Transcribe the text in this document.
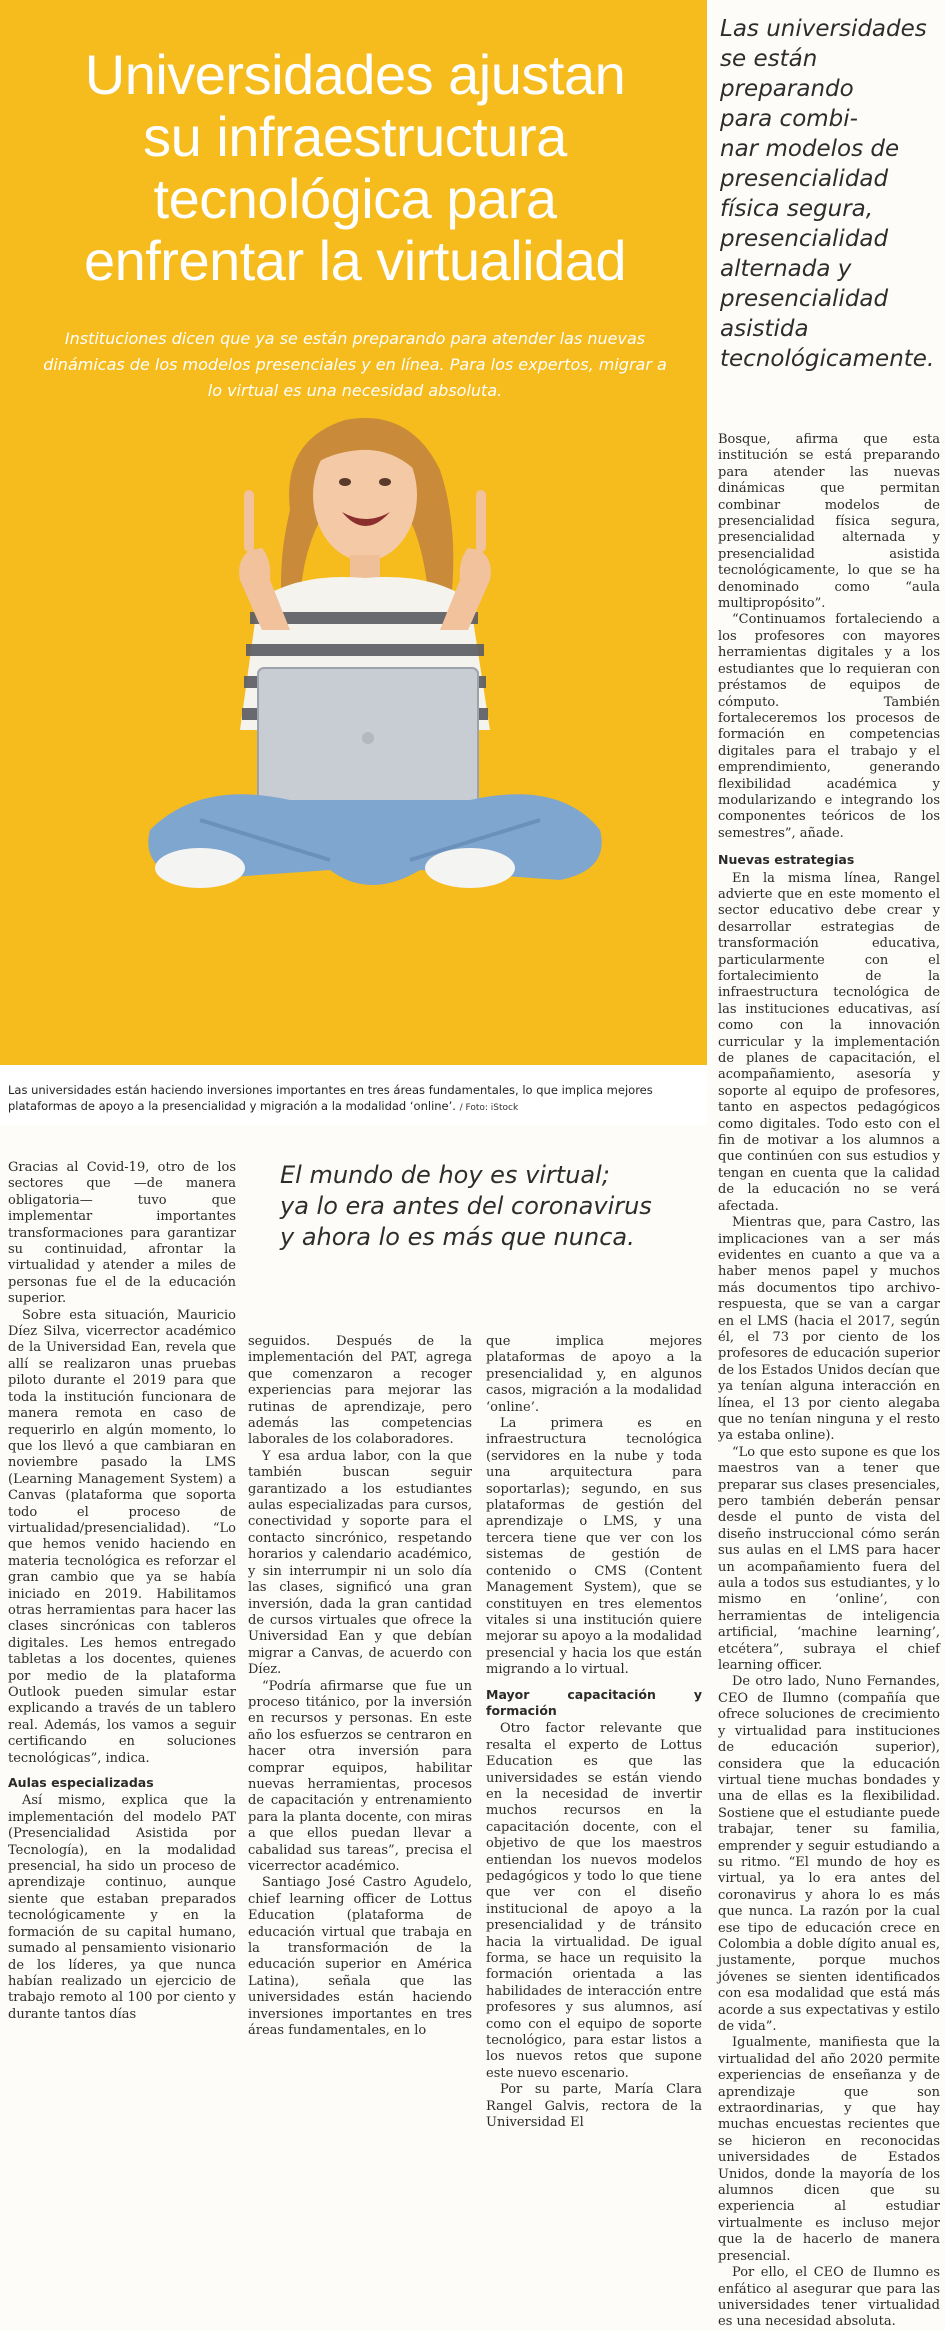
Universidades ajustan
su infraestructura
tecnológica para
enfrentar la virtualidad
Instituciones dicen que ya se están preparando para atender las nuevas dinámicas de los modelos presenciales y en línea. Para los expertos, migrar a lo virtual es una necesidad absoluta.
Las universidades están haciendo inversiones importantes en tres áreas fundamentales, lo que implica mejores plataformas de apoyo a la presencialidad y migración a la modalidad ‘online’. / Foto: iStock
Las universidades
se están
preparando
para combi-
nar modelos de
presencialidad
física segura,
presencialidad
alternada y
presencialidad
asistida
tecnológicamente.
El mundo de hoy es virtual;
ya lo era antes del coronavirus
y ahora lo es más que nunca.

Gracias al Covid-19, otro de los sectores que —de manera obligatoria— tuvo que implementar importantes transformaciones para garantizar su continuidad, afrontar la virtualidad y atender a miles de personas fue el de la educación superior.

Sobre esta situación, Mauricio Díez Silva, vicerrector académico de la Universidad Ean, revela que allí se realizaron unas pruebas piloto durante el 2019 para que toda la institución funcionara de manera remota en caso de requerirlo en algún momento, lo que los llevó a que cambiaran en noviembre pasado la LMS (Learning Management System) a Canvas (plataforma que soporta todo el proceso de virtualidad/presencialidad). “Lo que hemos venido haciendo en materia tecnológica es reforzar el gran cambio que ya se había iniciado en 2019. Habilitamos otras herramientas para hacer las clases sincrónicas con tableros digitales. Les hemos entregado tabletas a los docentes, quienes por medio de la plataforma Outlook pueden simular estar explicando a través de un tablero real. Además, los vamos a seguir certificando en soluciones tecnológicas”, indica.

Aulas especializadas

Así mismo, explica que la implementación del modelo PAT (Presencialidad Asistida por Tecnología), en la modalidad presencial, ha sido un proceso de aprendizaje continuo, aunque siente que estaban preparados tecnológicamente y en la formación de su capital humano, sumado al pensamiento visionario de los líderes, ya que nunca habían realizado un ejercicio de trabajo remoto al 100 por ciento y durante tantos días

seguidos. Después de la implementación del PAT, agrega que comenzaron a recoger experiencias para mejorar las rutinas de aprendizaje, pero además las competencias laborales de los colaboradores.

Y esa ardua labor, con la que también buscan seguir garantizado a los estudiantes aulas especializadas para cursos, conectividad y soporte para el contacto sincrónico, respetando horarios y calendario académico, y sin interrumpir ni un solo día las clases, significó una gran inversión, dada la gran cantidad de cursos virtuales que ofrece la Universidad Ean y que debían migrar a Canvas, de acuerdo con Díez.

“Podría afirmarse que fue un proceso titánico, por la inversión en recursos y personas. En este año los esfuerzos se centraron en hacer otra inversión para comprar equipos, habilitar nuevas herramientas, procesos de capacitación y entrenamiento para la planta docente, con miras a que ellos puedan llevar a cabalidad sus tareas”, precisa el vicerrector académico.

Santiago José Castro Agudelo, chief learning officer de Lottus Education (plataforma de educación virtual que trabaja en la transformación de la educación superior en América Latina), señala que las universidades están haciendo inversiones importantes en tres áreas fundamentales, en lo

que implica mejores plataformas de apoyo a la presencialidad y, en algunos casos, migración a la modalidad ‘online’.

La primera es en infraestructura tecnológica (servidores en la nube y toda una arquitectura para soportarlas); segundo, en sus plataformas de gestión del aprendizaje o LMS, y una tercera tiene que ver con los sistemas de gestión de contenido o CMS (Content Management System), que se constituyen en tres elementos vitales si una institución quiere mejorar su apoyo a la modalidad presencial y hacia los que están migrando a lo virtual.

Mayor capacitación y formación

Otro factor relevante que resalta el experto de Lottus Education es que las universidades se están viendo en la necesidad de invertir muchos recursos en la capacitación docente, con el objetivo de que los maestros entiendan los nuevos modelos pedagógicos y todo lo que tiene que ver con el diseño institucional de apoyo a la presencialidad y de tránsito hacia la virtualidad. De igual forma, se hace un requisito la formación orientada a las habilidades de interacción entre profesores y sus alumnos, así como con el equipo de soporte tecnológico, para estar listos a los nuevos retos que supone este nuevo escenario.

Por su parte, María Clara Rangel Galvis, rectora de la Universidad El

Bosque, afirma que esta institución se está preparando para atender las nuevas dinámicas que permitan combinar modelos de presencialidad física segura, presencialidad alternada y presencialidad asistida tecnológicamente, lo que se ha denominado como “aula multipropósito”.

“Continuamos fortaleciendo a los profesores con mayores herramientas digitales y a los estudiantes que lo requieran con préstamos de equipos de cómputo. También fortaleceremos los procesos de formación en competencias digitales para el trabajo y el emprendimiento, generando flexibilidad académica y modularizando e integrando los componentes teóricos de los semestres”, añade.

Nuevas estrategias

En la misma línea, Rangel advierte que en este momento el sector educativo debe crear y desarrollar estrategias de transformación educativa, particularmente con el fortalecimiento de la infraestructura tecnológica de las instituciones educativas, así como con la innovación curricular y la implementación de planes de capacitación, el acompañamiento, asesoría y soporte al equipo de profesores, tanto en aspectos pedagógicos como digitales. Todo esto con el fin de motivar a los alumnos a que continúen con sus estudios y tengan en cuenta que la calidad de la educación no se verá afectada.

Mientras que, para Castro, las implicaciones van a ser más evidentes en cuanto a que va a haber menos papel y muchos más documentos tipo archivo-respuesta, que se van a cargar en el LMS (hacia el 2017, según él, el 73 por ciento de los profesores de educación superior de los Estados Unidos decían que ya tenían alguna interacción en línea, el 13 por ciento alegaba que no tenían ninguna y el resto ya estaba online).

“Lo que esto supone es que los maestros van a tener que preparar sus clases presenciales, pero también deberán pensar desde el punto de vista del diseño instruccional cómo serán sus aulas en el LMS para hacer un acompañamiento fuera del aula a todos sus estudiantes, y lo mismo en ‘online’, con herramientas de inteligencia artificial, ‘machine learning’, etcétera”, subraya el chief learning officer.

De otro lado, Nuno Fernandes, CEO de Ilumno (compañía que ofrece soluciones de crecimiento y virtualidad para instituciones de educación superior), considera que la educación virtual tiene muchas bondades y una de ellas es la flexibilidad. Sostiene que el estudiante puede trabajar, tener su familia, emprender y seguir estudiando a su ritmo. “El mundo de hoy es virtual, ya lo era antes del coronavirus y ahora lo es más que nunca. La razón por la cual ese tipo de educación crece en Colombia a doble dígito anual es, justamente, porque muchos jóvenes se sienten identificados con esa modalidad que está más acorde a sus expectativas y estilo de vida”.

Igualmente, manifiesta que la virtualidad del año 2020 permite experiencias de enseñanza y de aprendizaje que son extraordinarias, y que hay muchas encuestas recientes que se hicieron en reconocidas universidades de Estados Unidos, donde la mayoría de los alumnos dicen que su experiencia al estudiar virtualmente es incluso mejor que la de hacerlo de manera presencial.

Por ello, el CEO de Ilumno es enfático al asegurar que para las universidades tener virtualidad es una necesidad absoluta.
